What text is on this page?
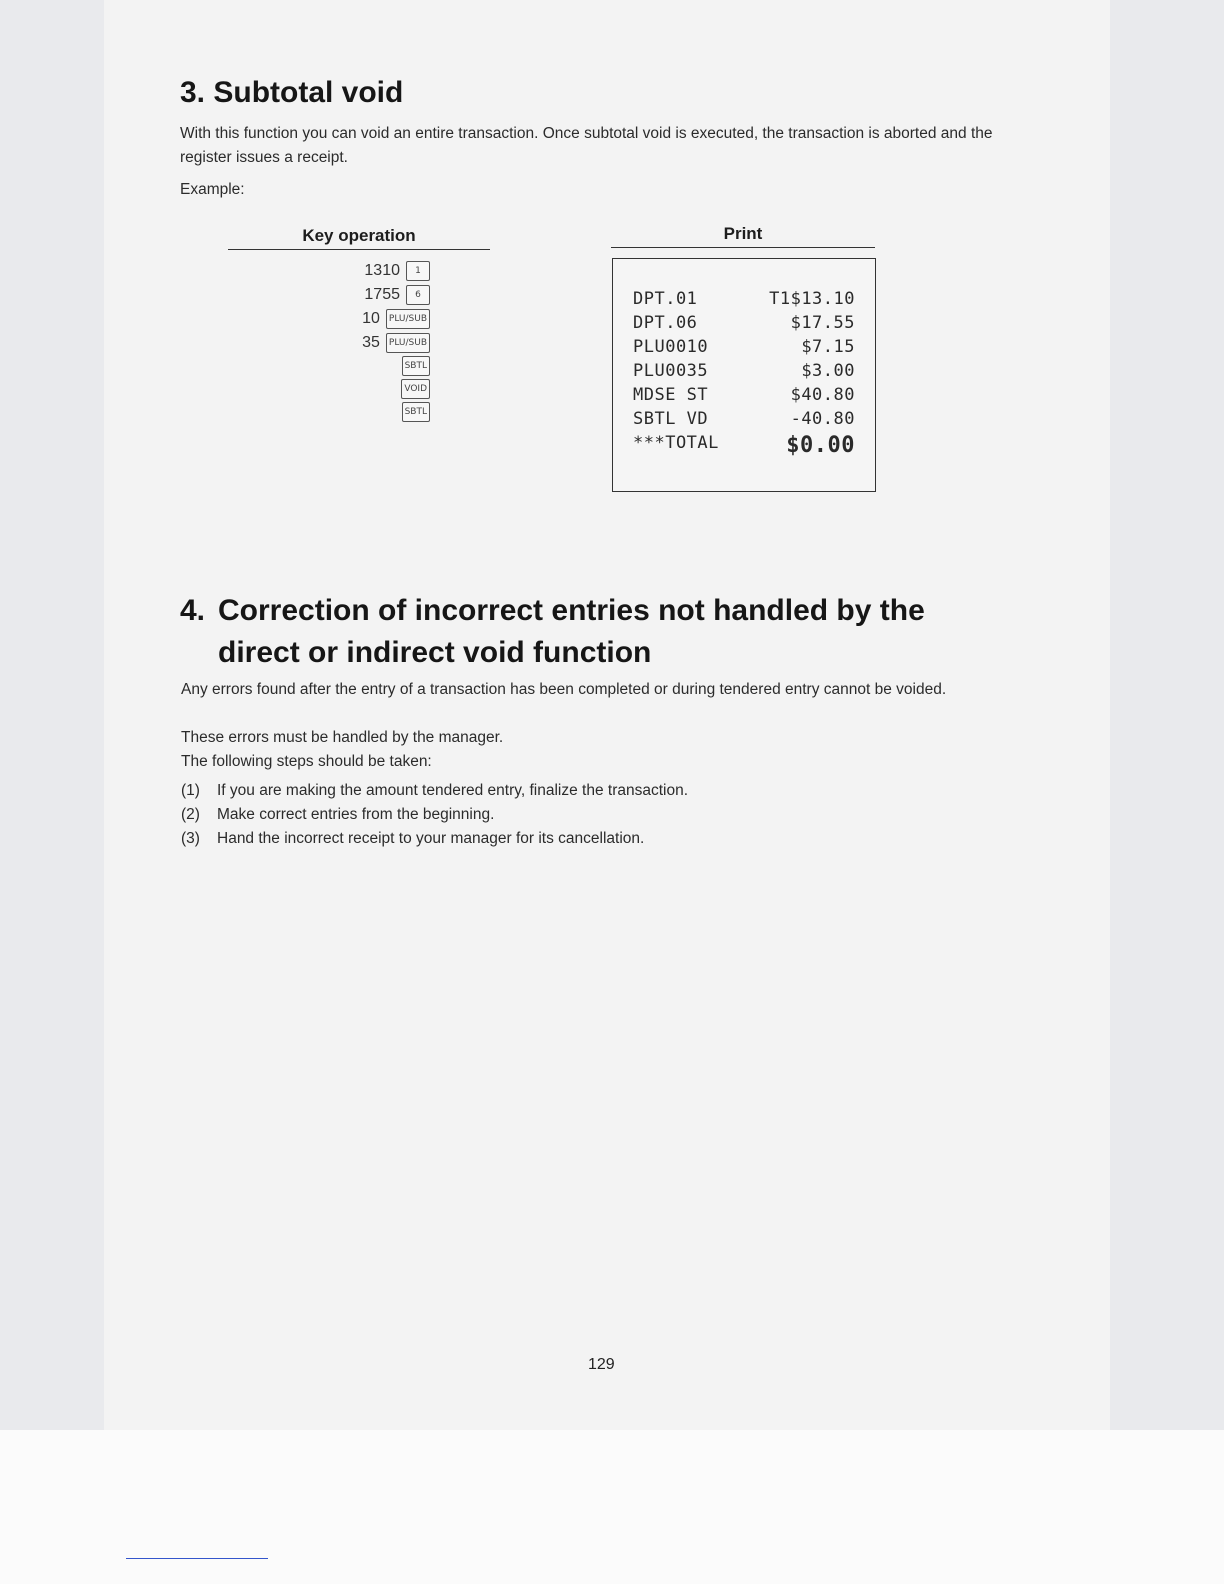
3. Subtotal void

With this function you can void an entire transaction. Once subtotal void is executed, the transaction is aborted and the register issues a receipt.

Example:

Key operation	Print
1310	1
1755	6
10	PLU/SUB
35	PLU/SUB
SBTL
VOID
SBTL
DPT.01	T1$13.10
DPT.06	$17.55
PLU0010	$7.15
PLU0035	$3.00
MDSE ST	$40.80
SBTL VD	-40.80
***TOTAL	$0.00
4. Correction of incorrect entries not handled by the
direct or indirect void function

Any errors found after the entry of a transaction has been completed or during tendered entry cannot be voided.

These errors must be handled by the manager.

The following steps should be taken:

(1) If you are making the amount tendered entry, finalize the transaction.
(2) Make correct entries from the beginning.
(3) Hand the incorrect receipt to your manager for its cancellation.
129
